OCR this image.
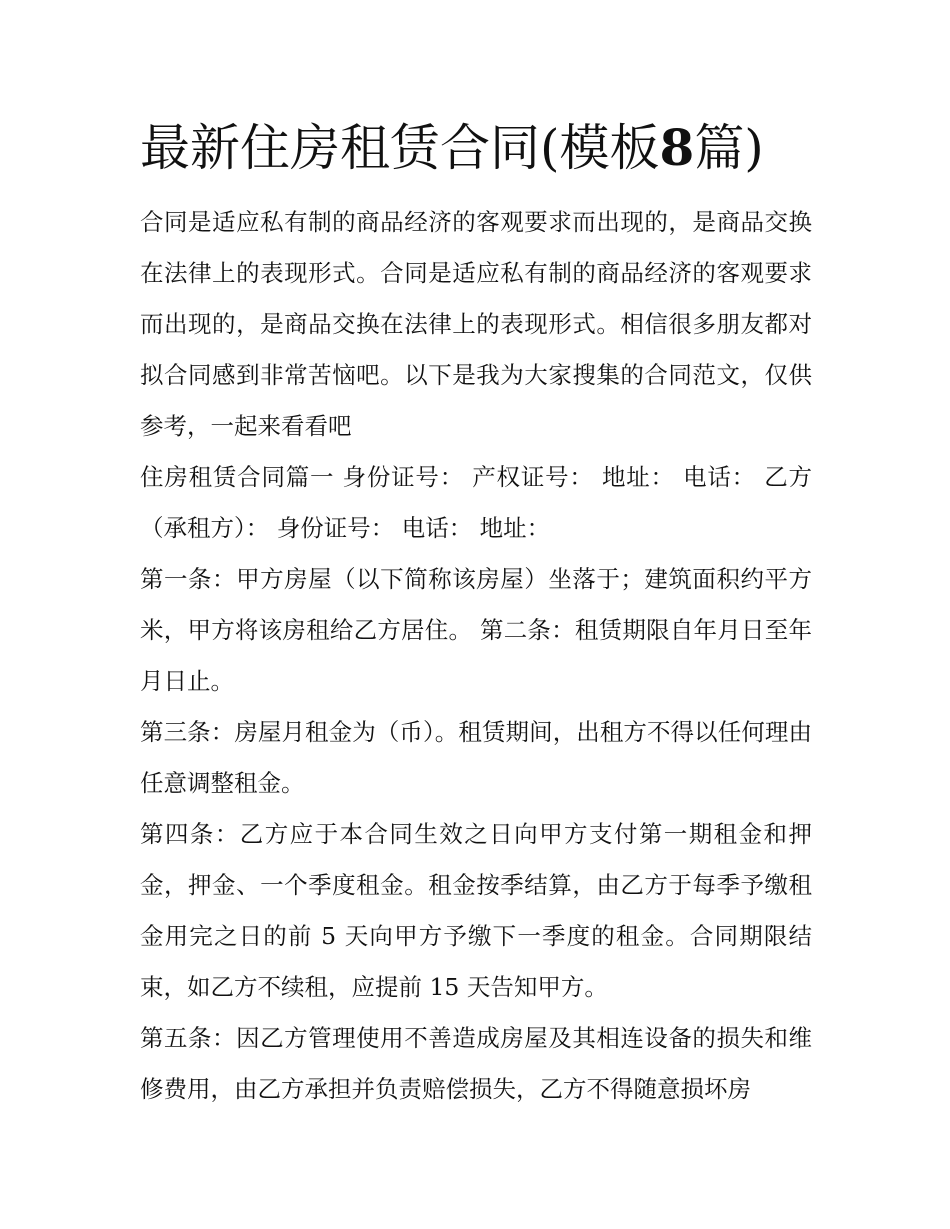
最新住房租赁合同(模板8篇)

合同是适应私有制的商品经济的客观要求而出现的，是商品交换在法律上的表现形式。合同是适应私有制的商品经济的客观要求而出现的，是商品交换在法律上的表现形式。相信很多朋友都对拟合同感到非常苦恼吧。以下是我为大家搜集的合同范文，仅供参考，一起来看看吧

住房租赁合同篇一 身份证号： 产权证号： 地址： 电话： 乙方（承租方）： 身份证号： 电话： 地址：

第一条：甲方房屋（以下简称该房屋）坐落于；建筑面积约平方米，甲方将该房租给乙方居住。 第二条：租赁期限自年月日至年月日止。

第三条：房屋月租金为（币）。租赁期间，出租方不得以任何理由任意调整租金。

第四条：乙方应于本合同生效之日向甲方支付第一期租金和押金，押金、一个季度租金。租金按季结算，由乙方于每季予缴租金用完之日的前 5 天向甲方予缴下一季度的租金。合同期限结束，如乙方不续租，应提前 15 天告知甲方。

第五条：因乙方管理使用不善造成房屋及其相连设备的损失和维修费用，由乙方承担并负责赔偿损失，乙方不得随意损坏房
